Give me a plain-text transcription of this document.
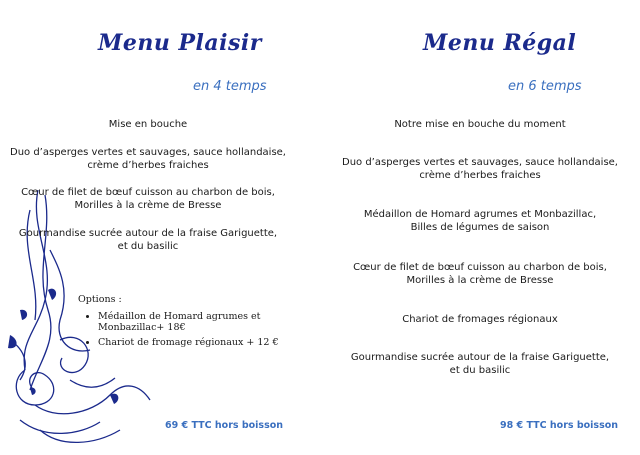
Menu Plaisir
en 4 temps
Mise en bouche
Duo d’asperges vertes et sauvages, sauce hollandaise,
crème d’herbes fraiches
Cœur de filet de bœuf cuisson au charbon de bois,
Morilles à la crème de Bresse
Gourmandise sucrée autour de la fraise Gariguette,
et du basilic
Options :
• Médaillon de Homard agrumes et Monbazillac+ 18€
• Chariot de fromage régionaux + 12 €
69 € TTC hors boisson
Menu Régal
en 6 temps
Notre mise en bouche du moment
Duo d’asperges vertes et sauvages, sauce hollandaise,
crème d’herbes fraiches
Médaillon de Homard agrumes et Monbazillac,
Billes de légumes de saison
Cœur de filet de bœuf cuisson au charbon de bois,
Morilles à la crème de Bresse
Chariot de fromages régionaux
Gourmandise sucrée autour de la fraise Gariguette,
et du basilic
98 € TTC hors boisson
